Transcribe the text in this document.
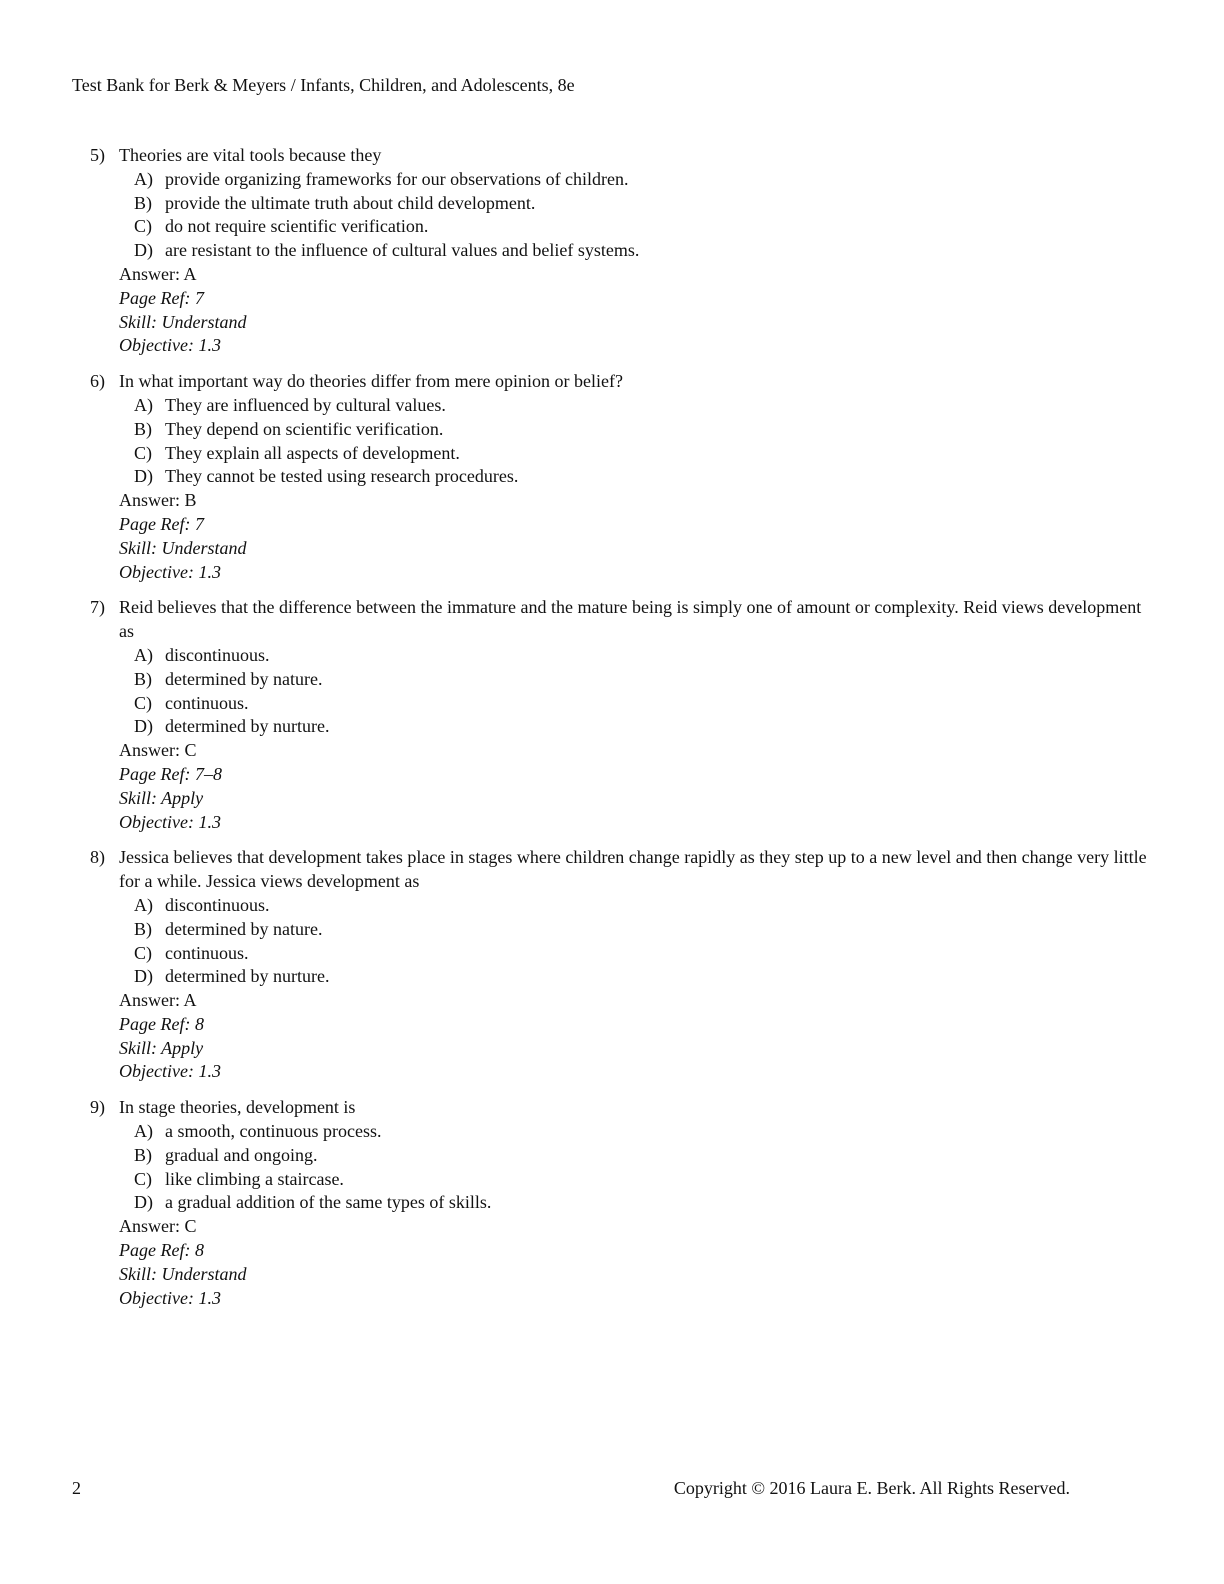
Test Bank for Berk & Meyers / Infants, Children, and Adolescents, 8e
5) Theories are vital tools because they
A) provide organizing frameworks for our observations of children.
B) provide the ultimate truth about child development.
C) do not require scientific verification.
D) are resistant to the influence of cultural values and belief systems.
Answer: A
Page Ref: 7
Skill: Understand
Objective: 1.3
6) In what important way do theories differ from mere opinion or belief?
A) They are influenced by cultural values.
B) They depend on scientific verification.
C) They explain all aspects of development.
D) They cannot be tested using research procedures.
Answer: B
Page Ref: 7
Skill: Understand
Objective: 1.3
7) Reid believes that the difference between the immature and the mature being is simply one of amount or complexity. Reid views development as
A) discontinuous.
B) determined by nature.
C) continuous.
D) determined by nurture.
Answer: C
Page Ref: 7–8
Skill: Apply
Objective: 1.3
8) Jessica believes that development takes place in stages where children change rapidly as they step up to a new level and then change very little for a while. Jessica views development as
A) discontinuous.
B) determined by nature.
C) continuous.
D) determined by nurture.
Answer: A
Page Ref: 8
Skill: Apply
Objective: 1.3
9) In stage theories, development is
A) a smooth, continuous process.
B) gradual and ongoing.
C) like climbing a staircase.
D) a gradual addition of the same types of skills.
Answer: C
Page Ref: 8
Skill: Understand
Objective: 1.3
2	Copyright © 2016 Laura E. Berk. All Rights Reserved.
